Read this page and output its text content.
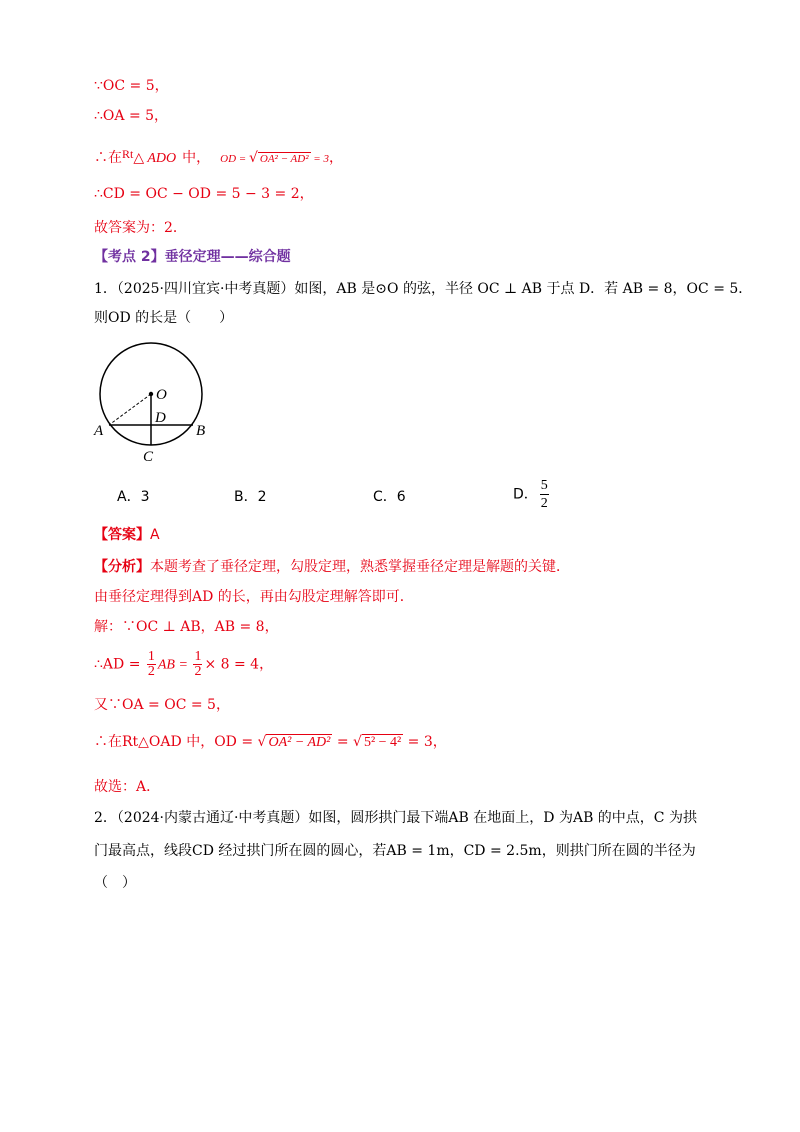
∵OC = 5，
∴OA = 5，
∴在Rt△ ADO 中， OD = √ OA² − AD² = 3，
∴CD = OC − OD = 5 − 3 = 2，
故答案为：2．
【考点 2】垂径定理——综合题
1．（2025·四川宜宾·中考真题）如图，AB 是⊙O 的弦，半径 OC ⊥ AB 于点 D．若 AB = 8，OC = 5．
则OD 的长是（　　）
O
D
A	B
C
A．3	B．2	C．6	D． $\frac{5}{2}$
【答案】A
【分析】本题考查了垂径定理，勾股定理，熟悉掌握垂径定理是解题的关键．
由垂径定理得到AD 的长，再由勾股定理解答即可．
解：∵OC ⊥ AB，AB = 8，
∴AD = $\frac{1}{2}$ AB = $\frac{1}{2} \times 8 = 4$，
又∵OA = OC = 5，
∴在Rt△OAD 中，OD = √ OA² − AD² = √ 5² − 4² = 3，
故选：A．
2．（2024·内蒙古通辽·中考真题）如图，圆形拱门最下端AB 在地面上，D 为AB 的中点，C 为拱
门最高点，线段CD 经过拱门所在圆的圆心，若AB = 1m，CD = 2.5m，则拱门所在圆的半径为
（　）
